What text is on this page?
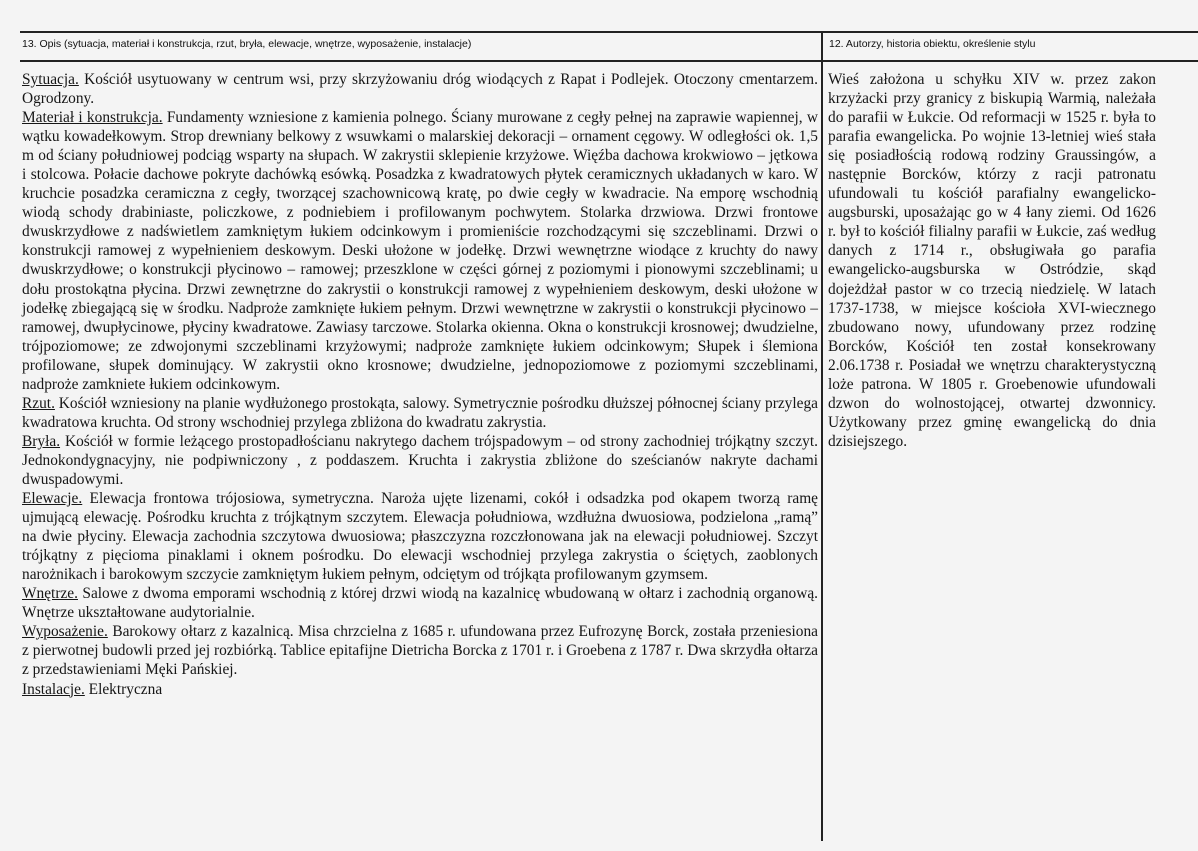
13. Opis (sytuacja, materiał i konstrukcja, rzut, bryła, elewacje, wnętrze, wyposażenie, instalacje)	12. Autorzy, historia obiektu, określenie stylu

Sytuacja. Kościół usytuowany w centrum wsi, przy skrzyżowaniu dróg wiodących z Rapat i Podlejek. Otoczony cmentarzem. Ogrodzony.

Materiał i konstrukcja. Fundamenty wzniesione z kamienia polnego. Ściany murowane z cegły pełnej na zaprawie wapiennej, w wątku kowadełkowym. Strop drewniany belkowy z wsuwkami o malarskiej dekoracji – ornament cęgowy. W odległości ok. 1,5 m od ściany południowej podciąg wsparty na słupach. W zakrystii sklepienie krzyżowe. Więźba dachowa krokwiowo – jętkowa i stolcowa. Połacie dachowe pokryte dachówką esówką. Posadzka z kwadratowych płytek ceramicznych układanych w karo. W kruchcie posadzka ceramiczna z cegły, tworzącej szachownicową kratę, po dwie cegły w kwadracie. Na emporę wschodnią wiodą schody drabiniaste, policzkowe, z podniebiem i profilowanym pochwytem. Stolarka drzwiowa. Drzwi frontowe dwuskrzydłowe z nadświetlem zamkniętym łukiem odcinkowym i promieniście rozchodzącymi się szczeblinami. Drzwi o konstrukcji ramowej z wypełnieniem deskowym. Deski ułożone w jodełkę. Drzwi wewnętrzne wiodące z kruchty do nawy dwuskrzydłowe; o konstrukcji płycinowo – ramowej; przeszklone w części górnej z poziomymi i pionowymi szczeblinami; u dołu prostokątna płycina. Drzwi zewnętrzne do zakrystii o konstrukcji ramowej z wypełnieniem deskowym, deski ułożone w jodełkę zbiegającą się w środku. Nadproże zamknięte łukiem pełnym. Drzwi wewnętrzne w zakrystii o konstrukcji płycinowo – ramowej, dwupłycinowe, płyciny kwadratowe. Zawiasy tarczowe. Stolarka okienna. Okna o konstrukcji krosnowej; dwudzielne, trójpoziomowe; ze zdwojonymi szczeblinami krzyżowymi; nadproże zamknięte łukiem odcinkowym; Słupek i ślemiona profilowane, słupek dominujący. W zakrystii okno krosnowe; dwudzielne, jednopoziomowe z poziomymi szczeblinami, nadproże zamkniete łukiem odcinkowym.

Rzut. Kościół wzniesiony na planie wydłużonego prostokąta, salowy. Symetrycznie pośrodku dłuższej północnej ściany przylega kwadratowa kruchta. Od strony wschodniej przylega zbliżona do kwadratu zakrystia.

Bryła. Kościół w formie leżącego prostopadłościanu nakrytego dachem trójspadowym – od strony zachodniej trójkątny szczyt. Jednokondygnacyjny, nie podpiwniczony , z poddaszem. Kruchta i zakrystia zbliżone do sześcianów nakryte dachami dwuspadowymi.

Elewacje. Elewacja frontowa trójosiowa, symetryczna. Naroża ujęte lizenami, cokół i odsadzka pod okapem tworzą ramę ujmującą elewację. Pośrodku kruchta z trójkątnym szczytem. Elewacja południowa, wzdłużna dwuosiowa, podzielona „ramą” na dwie płyciny. Elewacja zachodnia szczytowa dwuosiowa; płaszczyzna rozczłonowana jak na elewacji południowej. Szczyt trójkątny z pięcioma pinaklami i oknem pośrodku. Do elewacji wschodniej przylega zakrystia o ściętych, zaoblonych narożnikach i barokowym szczycie zamkniętym łukiem pełnym, odciętym od trójkąta profilowanym gzymsem.

Wnętrze. Salowe z dwoma emporami wschodnią z której drzwi wiodą na kazalnicę wbudowaną w ołtarz i zachodnią organową. Wnętrze ukształtowane audytorialnie.

Wyposażenie. Barokowy ołtarz z kazalnicą. Misa chrzcielna z 1685 r. ufundowana przez Eufrozynę Borck, została przeniesiona z pierwotnej budowli przed jej rozbiórką. Tablice epitafijne Dietricha Borcka z 1701 r. i Groebena z 1787 r. Dwa skrzydła ołtarza z przedstawieniami Męki Pańskiej.

Instalacje. Elektryczna

Wieś założona u schyłku XIV w. przez zakon krzyżacki przy granicy z biskupią Warmią, należała do parafii w Łukcie. Od reformacji w 1525 r. była to parafia ewangelicka. Po wojnie 13-letniej wieś stała się posiadłością rodową rodziny Graussingów, a następnie Borcków, którzy z racji patronatu ufundowali tu kościół parafialny ewangelicko-augsburski, uposażając go w 4 łany ziemi. Od 1626 r. był to kościół filialny parafii w Łukcie, zaś według danych z 1714 r., obsługiwała go parafia ewangelicko-augsburska w Ostródzie, skąd dojeżdżał pastor w co trzecią niedzielę. W latach 1737-1738, w miejsce kościoła XVI-wiecznego zbudowano nowy, ufundowany przez rodzinę Borcków, Kościół ten został konsekrowany 2.06.1738 r. Posiadał we wnętrzu charakterystyczną loże patrona. W 1805 r. Groebenowie ufundowali dzwon do wolnostojącej, otwartej dzwonnicy. Użytkowany przez gminę ewangelicką do dnia dzisiejszego.
